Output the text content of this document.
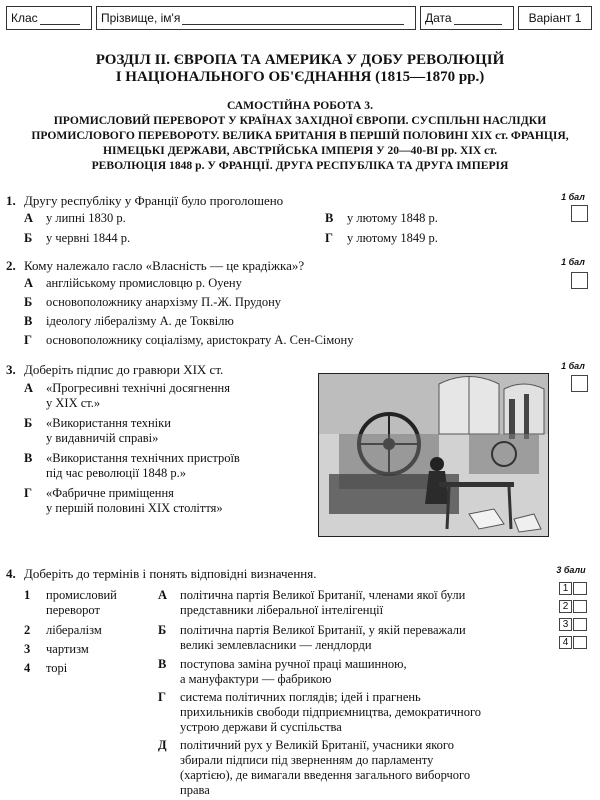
Клас	Прізвище, ім'я	Дата	Варіант 1
РОЗДІЛ ІІ. ЄВРОПА ТА АМЕРИКА У ДОБУ РЕВОЛЮЦІЙ
І НАЦІОНАЛЬНОГО ОБ'ЄДНАННЯ (1815—1870 рр.)
САМОСТІЙНА РОБОТА 3.
ПРОМИСЛОВИЙ ПЕРЕВОРОТ У КРАЇНАХ ЗАХІДНОЇ ЄВРОПИ. СУСПІЛЬНІ НАСЛІДКИ
ПРОМИСЛОВОГО ПЕРЕВОРОТУ. ВЕЛИКА БРИТАНІЯ В ПЕРШІЙ ПОЛОВИНІ XIX ст. ФРАНЦІЯ,
НІМЕЦЬКІ ДЕРЖАВИ, АВСТРІЙСЬКА ІМПЕРІЯ У 20—40-ВІ рр. XIX ст.
РЕВОЛЮЦІЯ 1848 р. У ФРАНЦІЇ. ДРУГА РЕСПУБЛІКА ТА ДРУГА ІМПЕРІЯ
1. Другу республіку у Франції було проголошено	1 бал
А у липні 1830 р.
Б у червні 1844 р.
В у лютому 1848 р.
Г у лютому 1849 р.
2. Кому належало гасло «Власність — це крадіжка»?	1 бал
А англійському промисловцю р. Оуену
Б основоположнику анархізму П.-Ж. Прудону
В ідеологу лібералізму А. де Токвілю
Г основоположнику соціалізму, аристократу А. Сен-Сімону
3. Доберіть підпис до гравюри XIX ст.	1 бал
А «Прогресивні технічні досягнення
у XIX ст.»
Б «Використання техніки
у видавничій справі»
В «Використання технічних пристроїв
під час революції 1848 р.»
Г «Фабричне приміщення
у першій половині XIX століття»
4. Доберіть до термінів і понять відповідні визначення.	3 бали
1
2
3
4
1 промисловий
переворот
2 лібералізм
3 чартизм
4 торі
А політична партія Великої Британії, членами якої були
представники ліберальної інтелігенції
Б політична партія Великої Британії, у якій переважали
великі землевласники — лендлорди
В поступова заміна ручної праці машинною,
а мануфактури — фабрикою
Г система політичних поглядів; ідей і прагнень
прихильників свободи підприємництва, демократичного
устрою держави й суспільства
Д політичний рух у Великій Британії, учасники якого
збирали підписи під зверненням до парламенту
(хартією), де вимагали введення загального виборчого
права
